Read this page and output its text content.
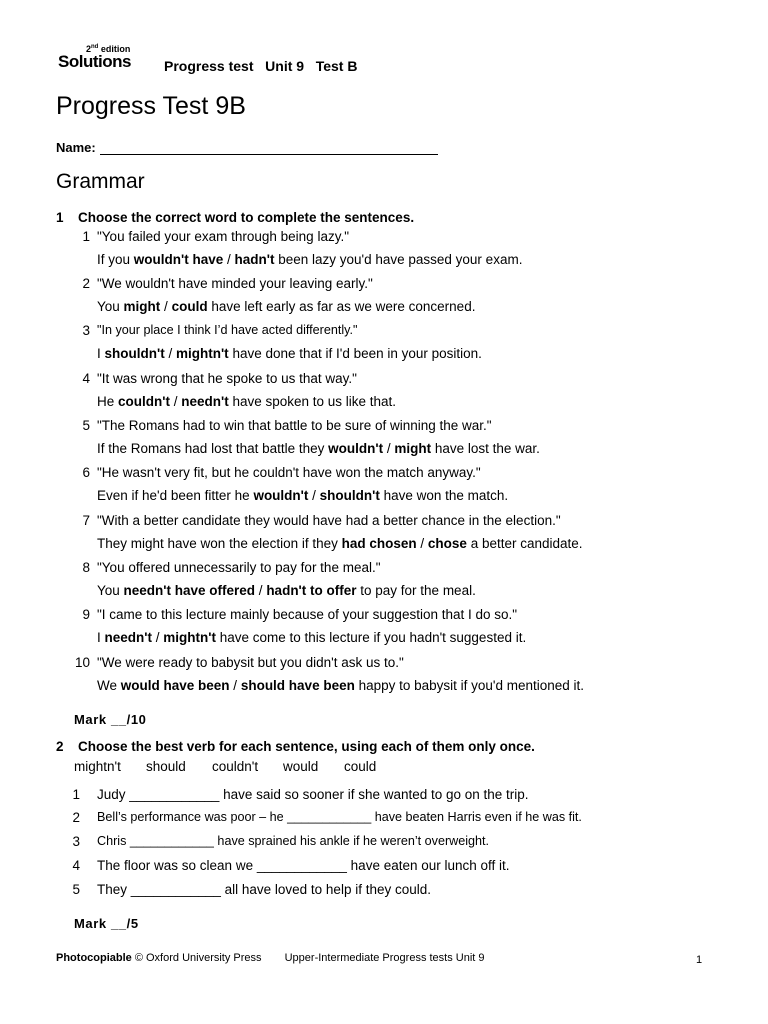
2nd edition
Solutions Progress test   Unit 9   Test B
Progress Test 9B
Name:
Grammar
1 Choose the correct word to complete the sentences.
1 "You failed your exam through being lazy."
If you wouldn't have / hadn't been lazy you'd have passed your exam.
2 "We wouldn't have minded your leaving early."
You might / could have left early as far as we were concerned.
3 "In your place I think I’d have acted differently."
I shouldn't / mightn't have done that if I'd been in your position.
4 "It was wrong that he spoke to us that way."
He couldn't / needn't have spoken to us like that.
5 "The Romans had to win that battle to be sure of winning the war."
If the Romans had lost that battle they wouldn't / might have lost the war.
6 "He wasn't very fit, but he couldn't have won the match anyway."
Even if he'd been fitter he wouldn't / shouldn't have won the match.
7 "With a better candidate they would have had a better chance in the election."
They might have won the election if they had chosen / chose a better candidate.
8 "You offered unnecessarily to pay for the meal."
You needn't have offered / hadn't to offer to pay for the meal.
9 "I came to this lecture mainly because of your suggestion that I do so."
I needn't / mightn't have come to this lecture if you hadn't suggested it.
10 "We were ready to babysit but you didn't ask us to."
We would have been / should have been happy to babysit if you'd mentioned it.
Mark __/10
2 Choose the best verb for each sentence, using each of them only once.
mightn't	should	couldn't	would	could
1 Judy ____________ have said so sooner if she wanted to go on the trip.
2 Bell’s performance was poor – he ____________ have beaten Harris even if he was fit.
3 Chris ____________ have sprained his ankle if he weren’t overweight.
4 The floor was so clean we ____________ have eaten our lunch off it.
5 They ____________ all have loved to help if they could.
Mark __/5
Photocopiable © Oxford University Press Upper-Intermediate Progress tests Unit 9	1
